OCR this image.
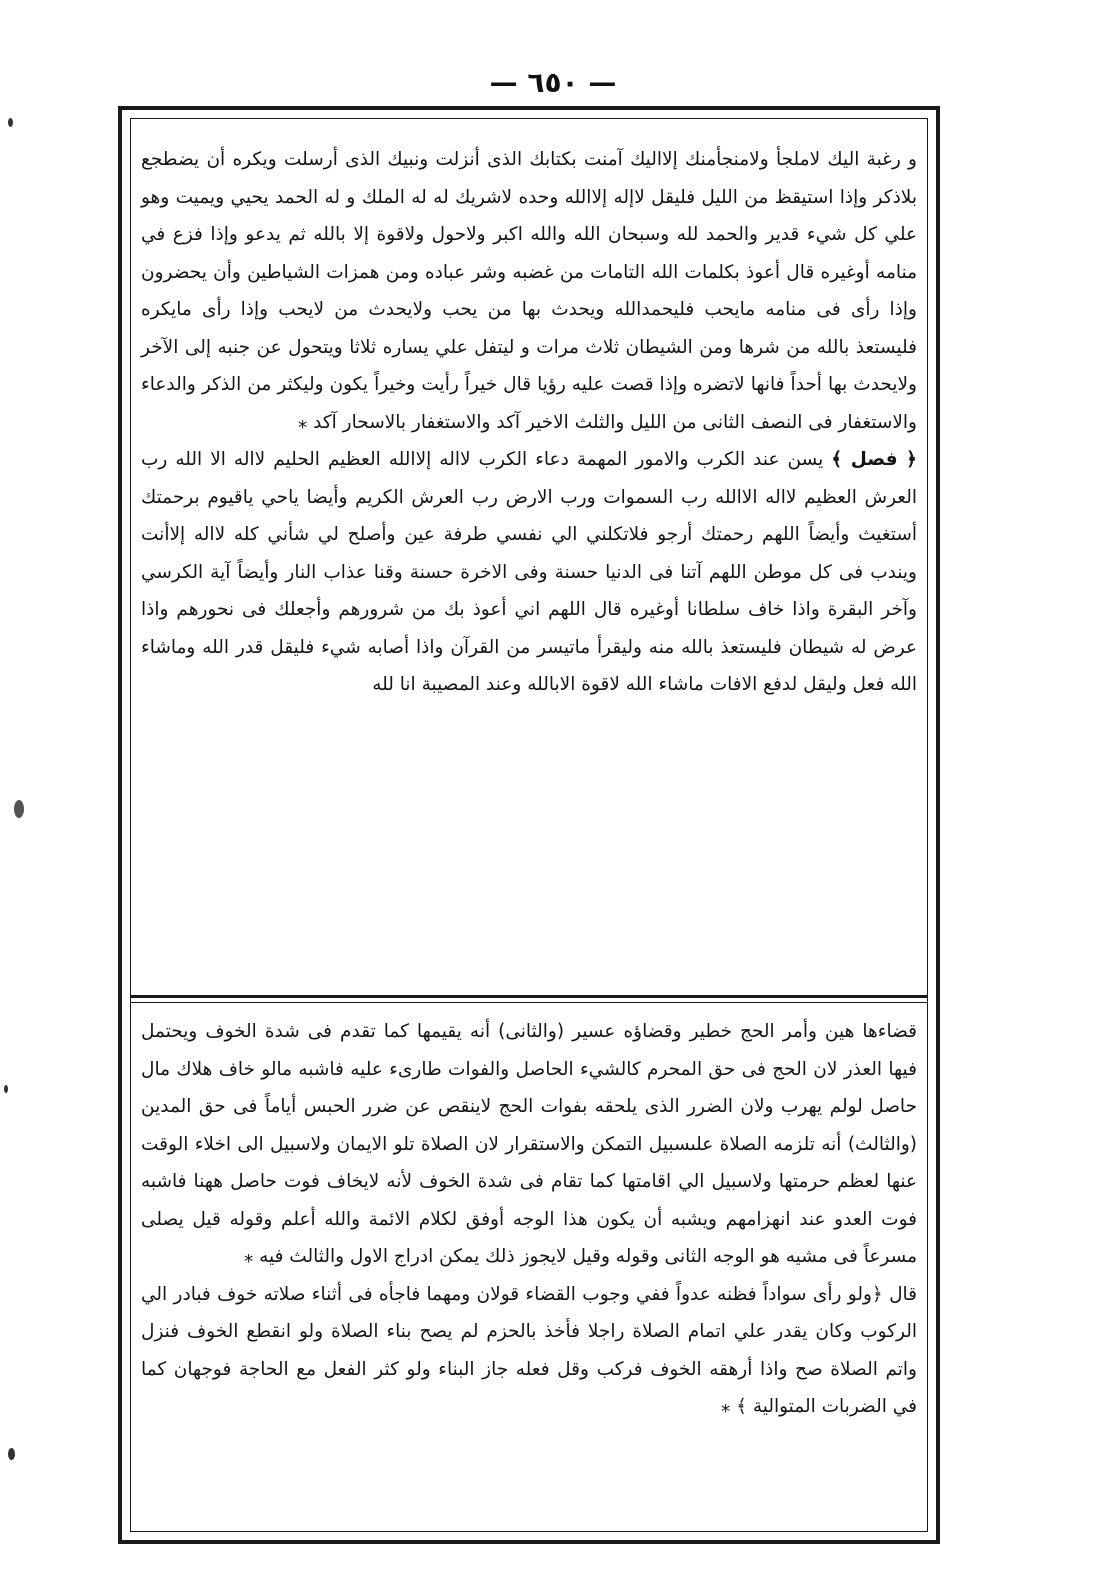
— ٦٥٠ —

و رغبة اليك لاملجأ ولامنجأمنك إلااليك آمنت بكتابك الذى أنزلت ونبيك الذى أرسلت ويكره أن يضطجع بلاذكر وإذا استيقظ من الليل فليقل لاإله إلاالله وحده لاشريك له له الملك و له الحمد يحيي ويميت وهو علي كل شيء قدير والحمد لله وسبحان الله والله اكبر ولاحول ولاقوة إلا بالله ثم يدعو وإذا فزع في منامه أوغيره قال أعوذ بكلمات الله التامات من غضبه وشر عباده ومن همزات الشياطين وأن يحضرون وإذا رأى فى منامه مايحب فليحمدالله ويحدث بها من يحب ولايحدث من لايحب وإذا رأى مايكره فليستعذ بالله من شرها ومن الشيطان ثلاث مرات و ليتفل علي يساره ثلاثا ويتحول عن جنبه إلى الآخر ولايحدث بها أحداً فانها لاتضره وإذا قصت عليه رؤيا قال خيراً رأيت وخيراً يكون وليكثر من الذكر والدعاء والاستغفار فى النصف الثانى من الليل والثلث الاخير آكد والاستغفار بالاسحار آكد ⁎

﴿ فصل ﴾ يسن عند الكرب والامور المهمة دعاء الكرب لااله إلاالله العظيم الحليم لااله الا الله رب العرش العظيم لااله الاالله رب السموات ورب الارض رب العرش الكريم وأيضا ياحي ياقيوم برحمتك أستغيث وأيضاً اللهم رحمتك أرجو فلاتكلني الي نفسي طرفة عين وأصلح لي شأني كله لااله إلاأنت ويندب فى كل موطن اللهم آتنا فى الدنيا حسنة وفى الاخرة حسنة وقنا عذاب النار وأيضاً آية الكرسي وآخر البقرة واذا خاف سلطانا أوغيره قال اللهم اني أعوذ بك من شرورهم وأجعلك فى نحورهم واذا عرض له شيطان فليستعذ بالله منه وليقرأ ماتيسر من القرآن واذا أصابه شيء فليقل قدر الله وماشاء الله فعل وليقل لدفع الافات ماشاء الله لاقوة الابالله وعند المصيبة انا لله

قضاءها هين وأمر الحج خطير وقضاؤه عسير (والثانى) أنه يقيمها كما تقدم فى شدة الخوف ويحتمل فيها العذر لان الحج فى حق المحرم كالشيء الحاصل والفوات طارىء عليه فاشبه مالو خاف هلاك مال حاصل لولم يهرب ولان الضرر الذى يلحقه بفوات الحج لاينقص عن ضرر الحبس أياماً فى حق المدين (والثالث) أنه تلزمه الصلاة علىسبيل التمكن والاستقرار لان الصلاة تلو الايمان ولاسبيل الى اخلاء الوقت عنها لعظم حرمتها ولاسبيل الي اقامتها كما تقام فى شدة الخوف لأنه لايخاف فوت حاصل ههنا فاشبه فوت العدو عند انهزامهم ويشبه أن يكون هذا الوجه أوفق لكلام الائمة والله أعلم وقوله قيل يصلى مسرعاً فى مشيه هو الوجه الثانى وقوله وقيل لايجوز ذلك يمكن ادراج الاول والثالث فيه ⁎

قال ﴿ولو رأى سواداً فظنه عدواً ففي وجوب القضاء قولان ومهما فاجأه فى أثناء صلاته خوف فبادر الي الركوب وكان يقدر علي اتمام الصلاة راجلا فأخذ بالحزم لم يصح بناء الصلاة ولو انقطع الخوف فنزل واتم الصلاة صح واذا أرهقه الخوف فركب وقل فعله جاز البناء ولو كثر الفعل مع الحاجة فوجهان كما في الضربات المتوالية ﴾ ⁎
